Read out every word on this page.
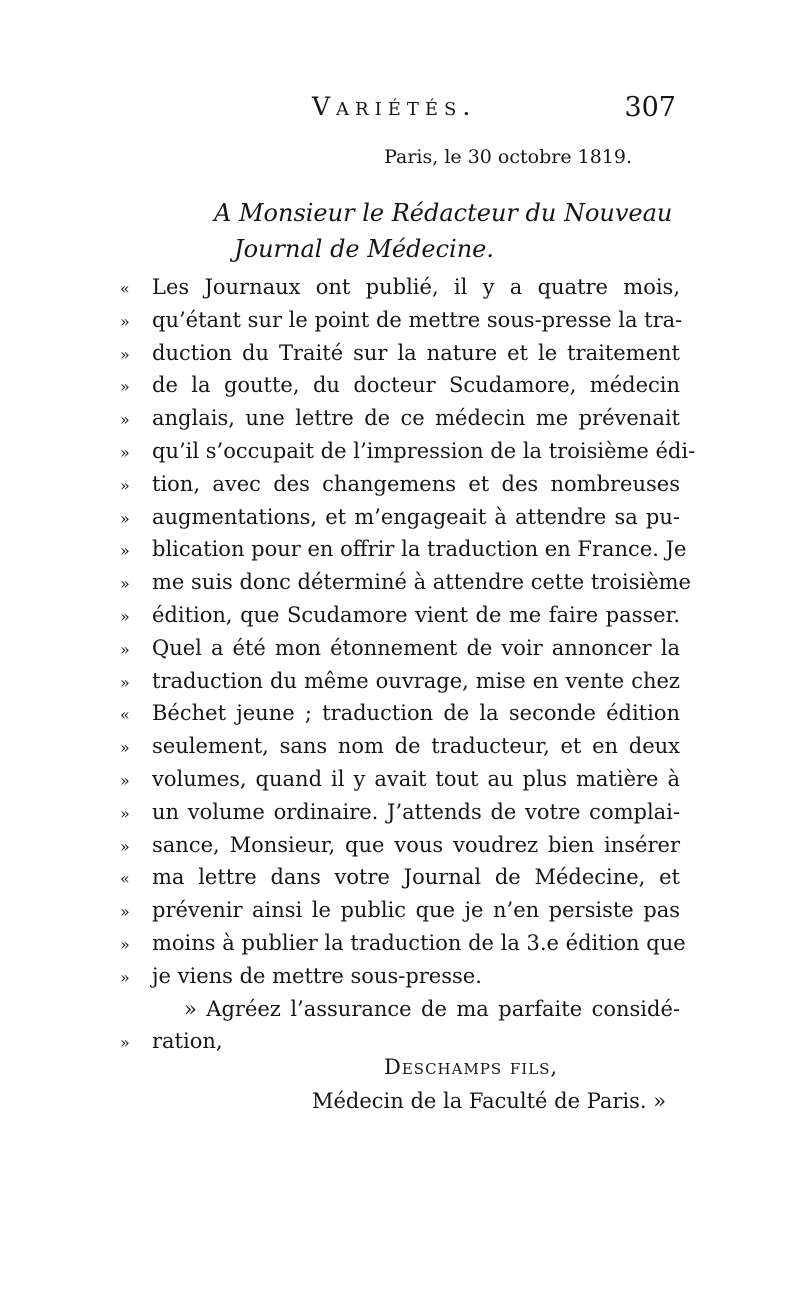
Variétés.	307
Paris, le 30 octobre 1819.
A Monsieur le Rédacteur du Nouveau
Journal de Médecine.
«	Les Journaux ont publié, il y a quatre mois,
»	qu’étant sur le point de mettre sous-presse la tra-
»	duction du Traité sur la nature et le traitement
»	de la goutte, du docteur Scudamore, médecin
»	anglais, une lettre de ce médecin me prévenait
»	qu’il s’occupait de l’impression de la troisième édi-
»	tion, avec des changemens et des nombreuses
»	augmentations, et m’engageait à attendre sa pu-
»	blication pour en offrir la traduction en France. Je
»	me suis donc déterminé à attendre cette troisième
»	édition, que Scudamore vient de me faire passer.
»	Quel a été mon étonnement de voir annoncer la
»	traduction du même ouvrage, mise en vente chez
«	Béchet jeune ; traduction de la seconde édition
»	seulement, sans nom de traducteur, et en deux
»	volumes, quand il y avait tout au plus matière à
»	un volume ordinaire. J’attends de votre complai-
»	sance, Monsieur, que vous voudrez bien insérer
«	ma lettre dans votre Journal de Médecine, et
»	prévenir ainsi le public que je n’en persiste pas
»	moins à publier la traduction de la 3.e édition que
»	je viens de mettre sous-presse.
» Agréez l’assurance de ma parfaite considé-
»	ration,
Deschamps fils,
Médecin de la Faculté de Paris. »
